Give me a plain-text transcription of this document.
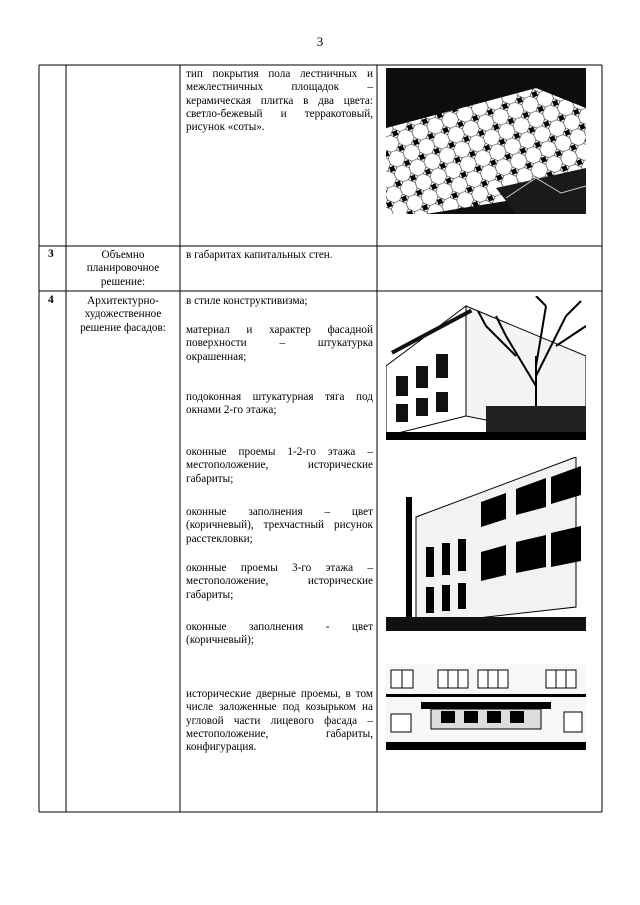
3
тип покрытия пола лестничных и межлестничных площадок – керамическая плитка в два цвета: светло-бежевый и терракотовый, рисунок «соты».
3	Объемно планировочное решение:
в габаритах капитальных стен.
4	Архитектурно-художественное решение фасадов:
в стиле конструктивизма;
материал и характер фасадной поверхности – штукатурка окрашенная;
подоконная штукатурная тяга под окнами 2-го этажа;
оконные проемы 1-2-го этажа – местоположение, исторические габариты;
оконные заполнения – цвет (коричневый), трехчастный рисунок расстекловки;
оконные проемы 3-го этажа – местоположение, исторические габариты;
оконные заполнения - цвет (коричневый);
исторические дверные проемы, в том числе заложенные под козырьком на угловой части лицевого фасада – местоположение, габариты, конфигурация.
